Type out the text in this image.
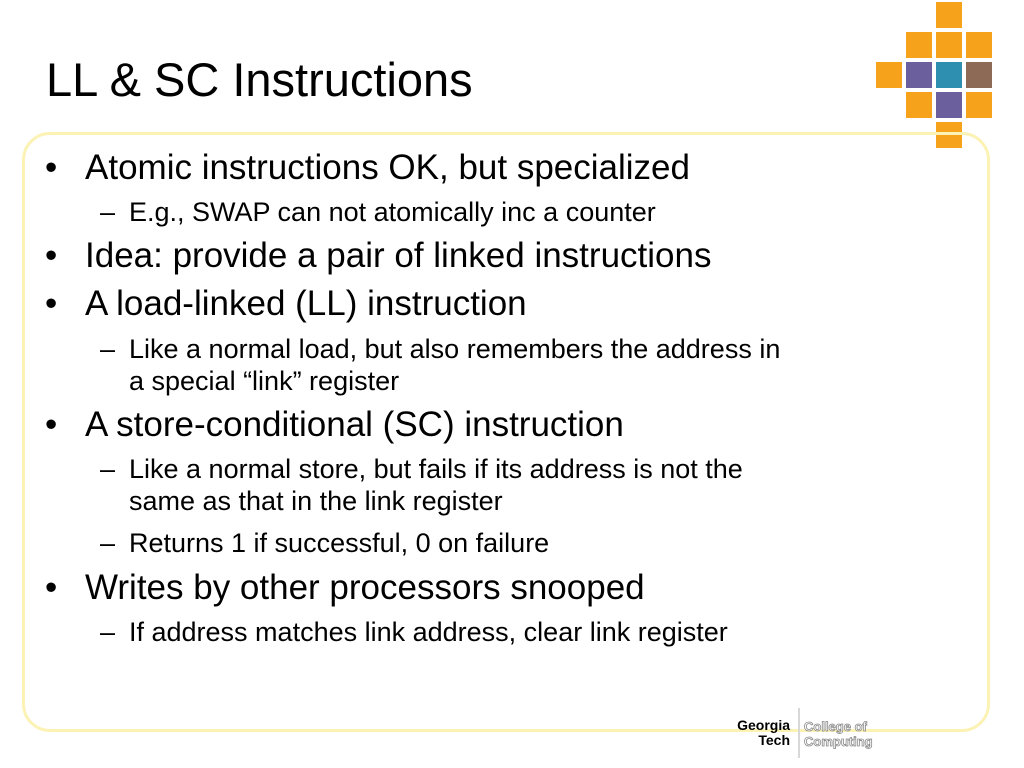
LL & SC Instructions
• Atomic instructions OK, but specialized
– E.g., SWAP can not atomically inc a counter
• Idea: provide a pair of linked instructions
• A load-linked (LL) instruction
– Like a normal load, but also remembers the address in
a special “link” register
• A store-conditional (SC) instruction
– Like a normal store, but fails if its address is not the
same as that in the link register
– Returns 1 if successful, 0 on failure
• Writes by other processors snooped
– If address matches link address, clear link register
Georgia
Tech
College of
Computing
